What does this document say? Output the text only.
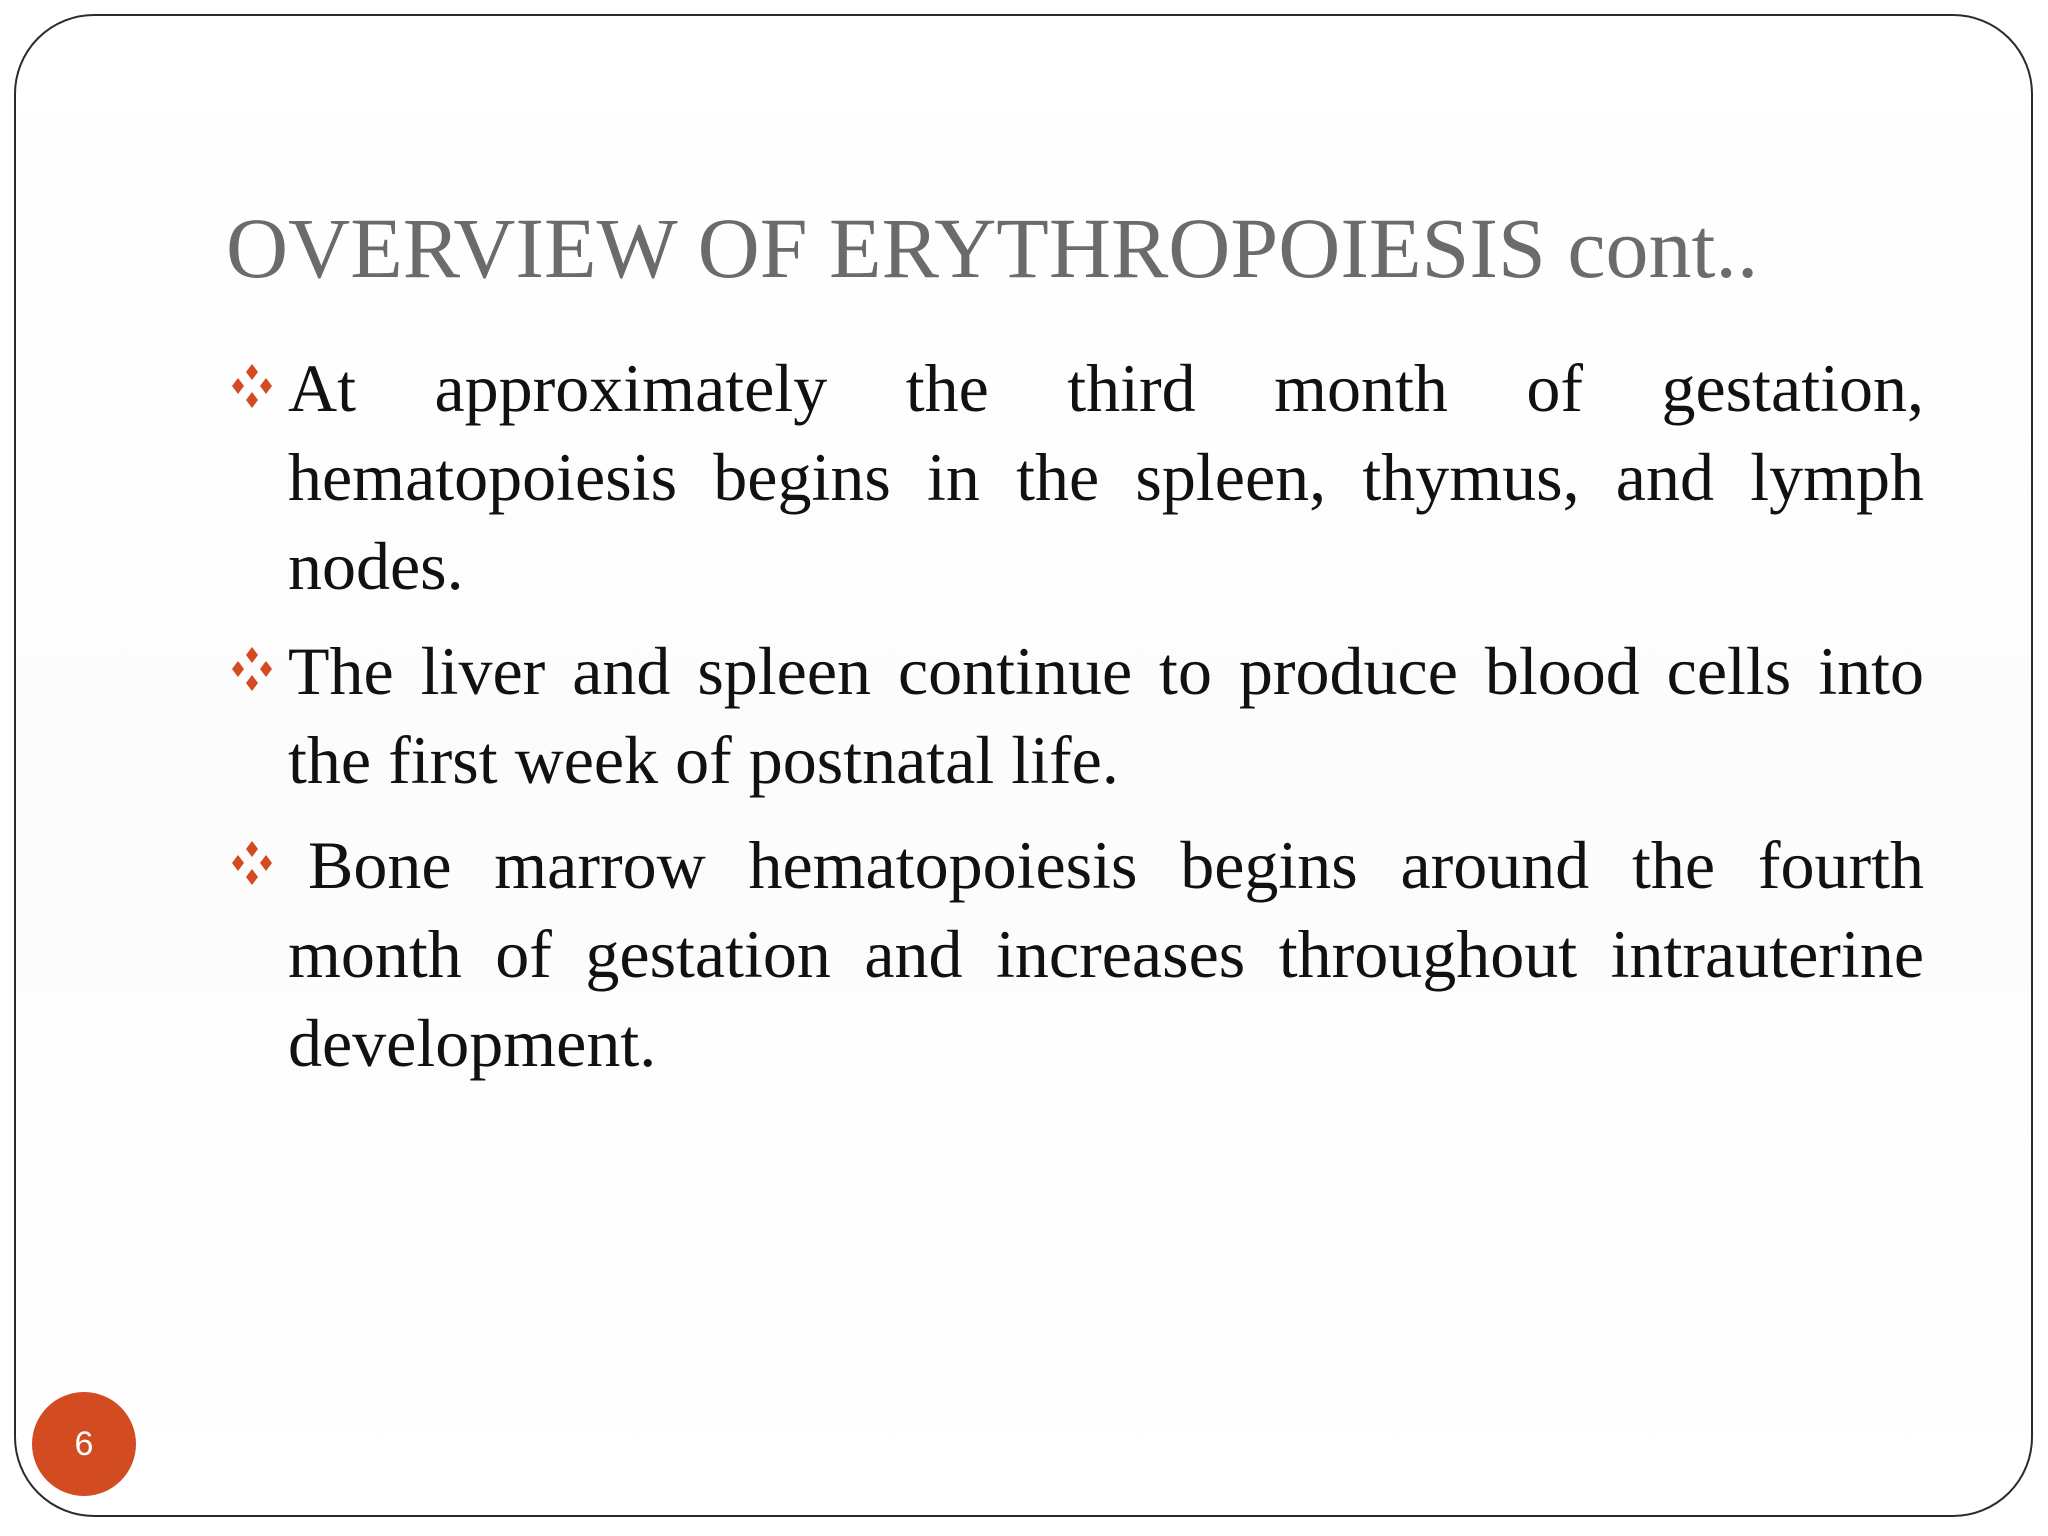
OVERVIEW OF ERYTHROPOIESIS cont..
At approximately the third month of gestation, hematopoiesis begins in the spleen, thymus, and lymph nodes.
The liver and spleen continue to produce blood cells into the first week of postnatal life.
Bone marrow hematopoiesis begins around the fourth month of gestation and increases throughout intrauterine development.
6
